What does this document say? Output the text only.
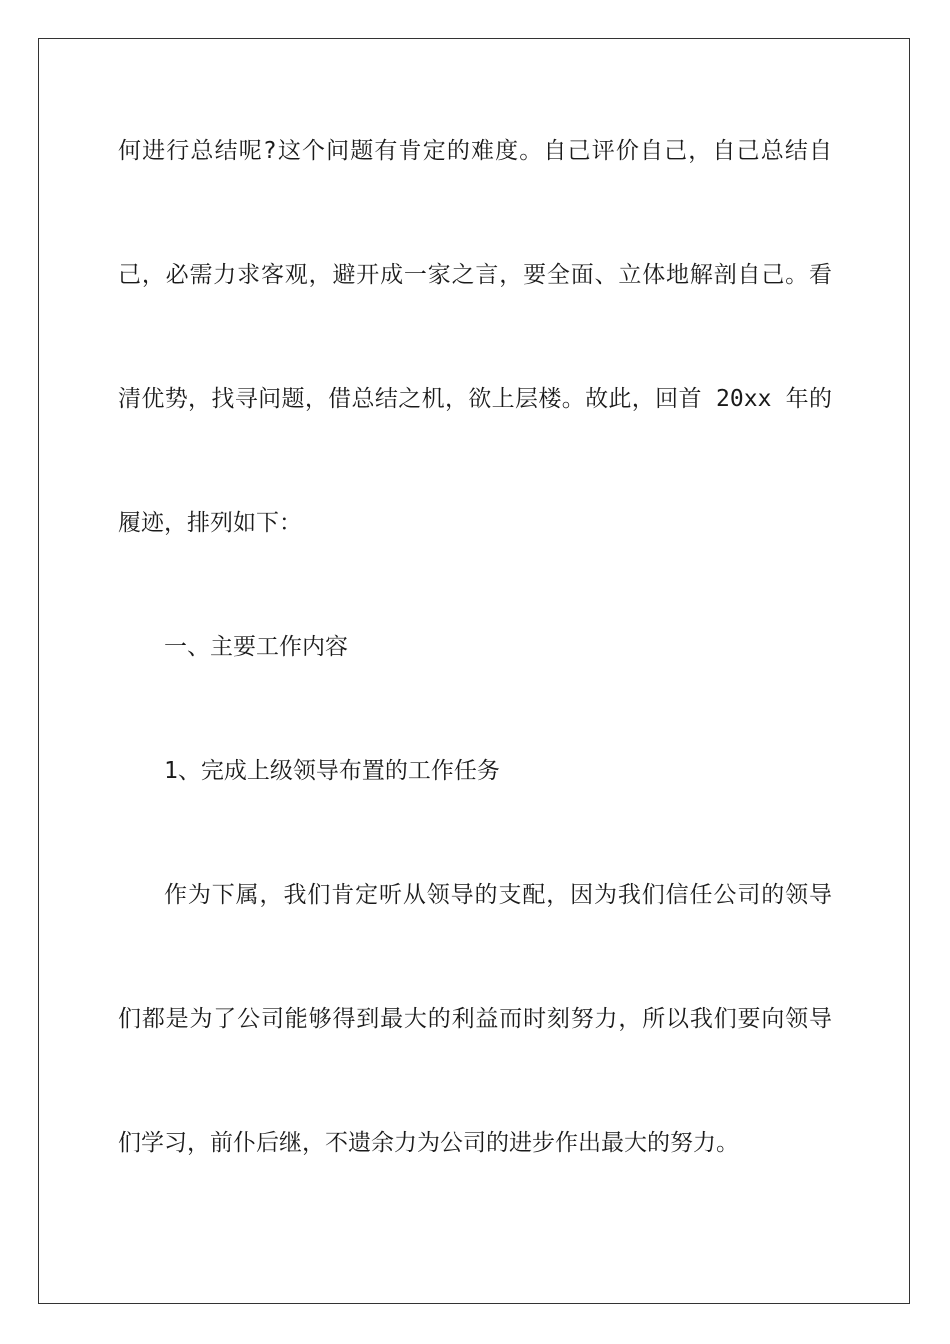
何进行总结呢?这个问题有肯定的难度。自己评价自己，自己总结自

己，必需力求客观，避开成一家之言，要全面、立体地解剖自己。看

清优势，找寻问题，借总结之机，欲上层楼。故此，回首 20xx 年的

履迹，排列如下：

一、主要工作内容

1、完成上级领导布置的工作任务

作为下属，我们肯定听从领导的支配，因为我们信任公司的领导

们都是为了公司能够得到最大的利益而时刻努力，所以我们要向领导

们学习，前仆后继，不遗余力为公司的进步作出最大的努力。
